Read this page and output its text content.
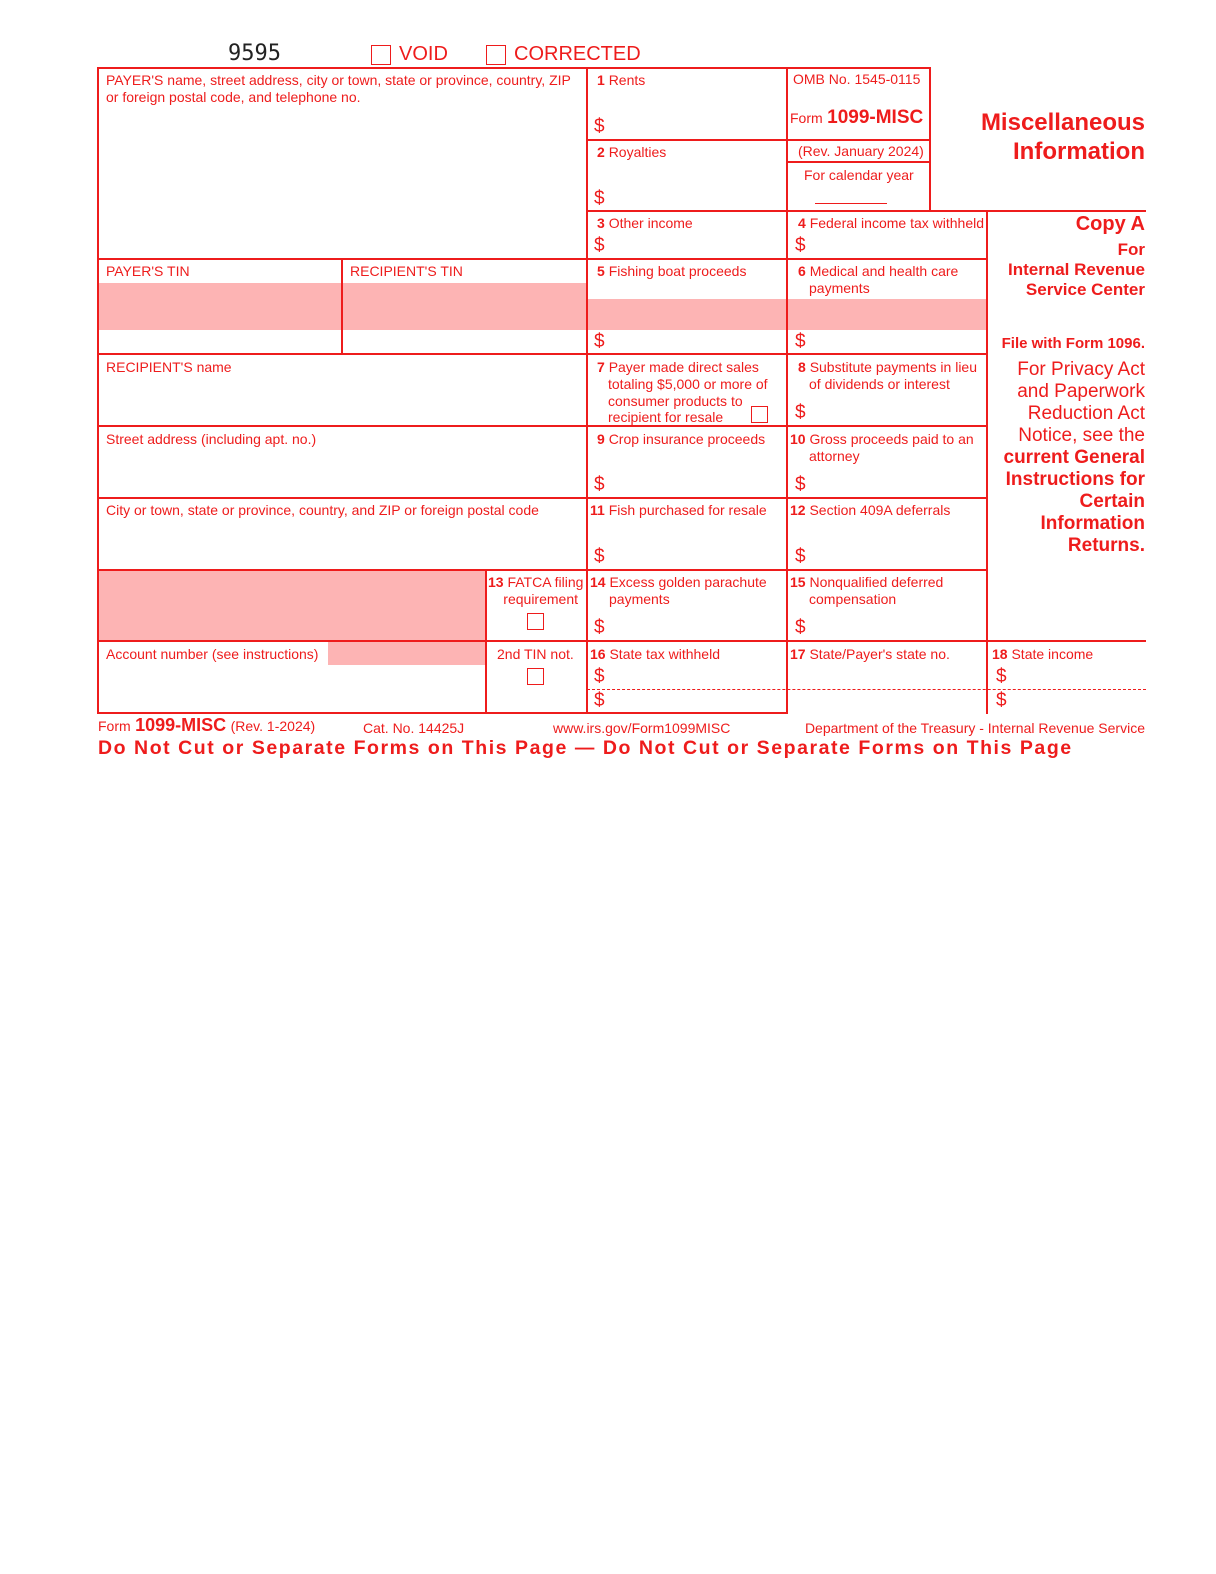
9595	VOID	CORRECTED
PAYER'S name, street address, city or town, state or province, country, ZIP
or foreign postal code, and telephone no.
PAYER'S TIN	RECIPIENT'S TIN
RECIPIENT'S name
Street address (including apt. no.)
City or town, state or province, country, and ZIP or foreign postal code
Account number (see instructions)
13 FATCA filing
requirement
2nd TIN not.
OMB No. 1545-0115
Form 1099-MISC
(Rev. January 2024)
For calendar year
Miscellaneous
Information
1 Rents
$
2 Royalties
$
3 Other income
$
4 Federal income tax withheld
$
5 Fishing boat proceeds
$
6 Medical and health care
payments
$
7 Payer made direct sales
totaling $5,000 or more of
consumer products to
recipient for resale
8 Substitute payments in lieu
of dividends or interest
$
9 Crop insurance proceeds
$
10 Gross proceeds paid to an
attorney
$
11 Fish purchased for resale
$
12 Section 409A deferrals
$
14 Excess golden parachute
payments
$
15 Nonqualified deferred
compensation
$
16 State tax withheld
$
$
17 State/Payer's state no.	18 State income
$
$
Copy A
For
Internal Revenue
Service Center
File with Form 1096.
For Privacy Act
and Paperwork
Reduction Act
Notice, see the
current General
Instructions for
Certain
Information
Returns.
Form 1099-MISC (Rev. 1-2024)	Cat. No. 14425J	www.irs.gov/Form1099MISC	Department of the Treasury - Internal Revenue Service
Do Not Cut or Separate Forms on This Page — Do Not Cut or Separate Forms on This Page
